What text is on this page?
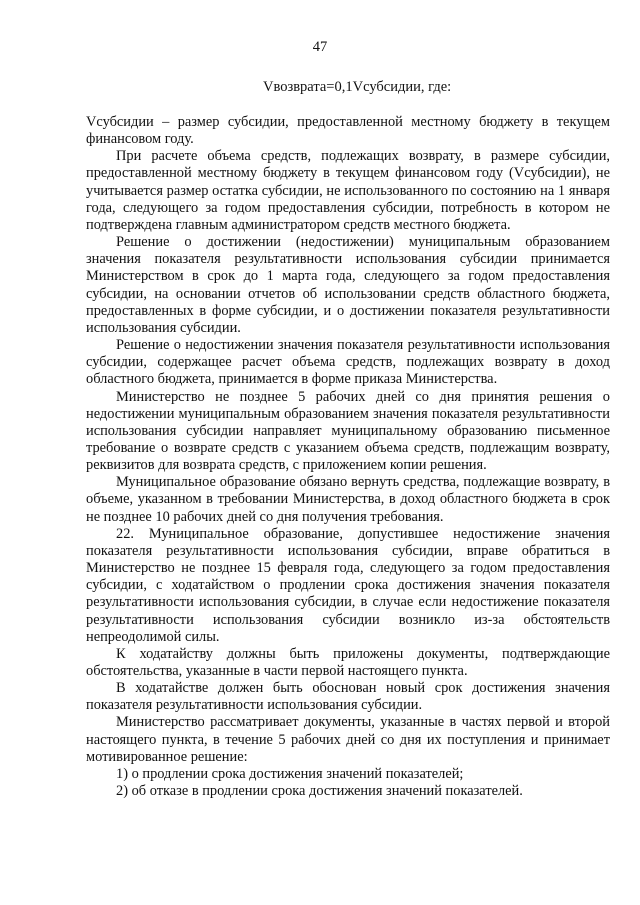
47
Vвозврата=0,1Vсубсидии, где:

Vсубсидии – размер субсидии, предоставленной местному бюджету в текущем финансовом году.

При расчете объема средств, подлежащих возврату, в размере субсидии, предоставленной местному бюджету в текущем финансовом году (Vсубсидии), не учитывается размер остатка субсидии, не использованного по состоянию на 1 января года, следующего за годом предоставления субсидии, потребность в котором не подтверждена главным администратором средств местного бюджета.

Решение о достижении (недостижении) муниципальным образованием значения показателя результативности использования субсидии принимается Министерством в срок до 1 марта года, следующего за годом предоставления субсидии, на основании отчетов об использовании средств областного бюджета, предоставленных в форме субсидии, и о достижении показателя результативности использования субсидии.

Решение о недостижении значения показателя результативности использования субсидии, содержащее расчет объема средств, подлежащих возврату в доход областного бюджета, принимается в форме приказа Министерства.

Министерство не позднее 5 рабочих дней со дня принятия решения о недостижении муниципальным образованием значения показателя результативности использования субсидии направляет муниципальному образованию письменное требование о возврате средств с указанием объема средств, подлежащим возврату, реквизитов для возврата средств, с приложением копии решения.

Муниципальное образование обязано вернуть средства, подлежащие возврату, в объеме, указанном в требовании Министерства, в доход областного бюджета в срок не позднее 10 рабочих дней со дня получения требования.

22. Муниципальное образование, допустившее недостижение значения показателя результативности использования субсидии, вправе обратиться в Министерство не позднее 15 февраля года, следующего за годом предоставления субсидии, с ходатайством о продлении срока достижения значения показателя результативности использования субсидии, в случае если недостижение показателя результативности использования субсидии возникло из-за обстоятельств непреодолимой силы.

К ходатайству должны быть приложены документы, подтверждающие обстоятельства, указанные в части первой настоящего пункта.

В ходатайстве должен быть обоснован новый срок достижения значения показателя результативности использования субсидии.

Министерство рассматривает документы, указанные в частях первой и второй настоящего пункта, в течение 5 рабочих дней со дня их поступления и принимает мотивированное решение:

1) о продлении срока достижения значений показателей;

2) об отказе в продлении срока достижения значений показателей.
